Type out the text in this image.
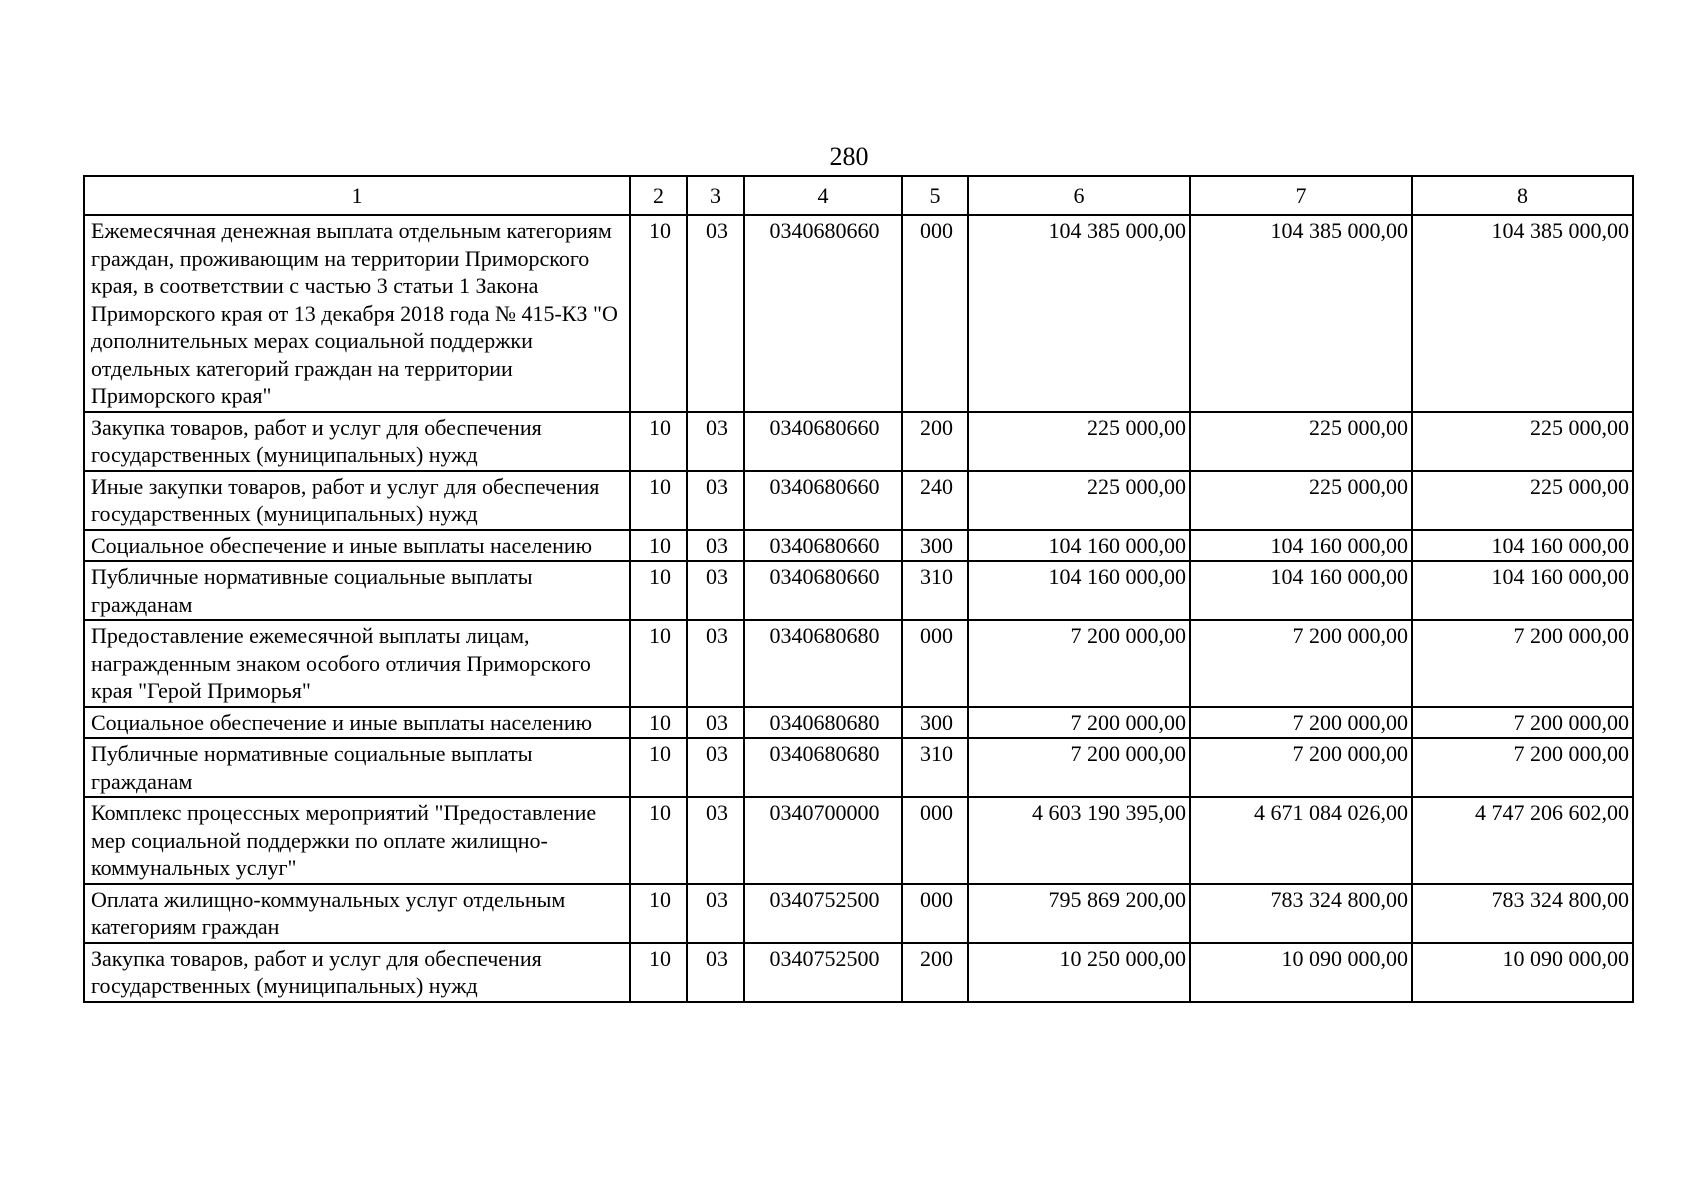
280
1	2	3	4	5	6	7	8
Ежемесячная денежная выплата отдельным категориям граждан, проживающим на территории Приморского края, в соответствии с частью 3 статьи 1 Закона Приморского края от 13 декабря 2018 года № 415-КЗ "О дополнительных мерах социальной поддержки отдельных категорий граждан на территории Приморского края"	10	03	0340680660	000	104 385 000,00	104 385 000,00	104 385 000,00
Закупка товаров, работ и услуг для обеспечения государственных (муниципальных) нужд	10	03	0340680660	200	225 000,00	225 000,00	225 000,00
Иные закупки товаров, работ и услуг для обеспечения государственных (муниципальных) нужд	10	03	0340680660	240	225 000,00	225 000,00	225 000,00
Социальное обеспечение и иные выплаты населению	10	03	0340680660	300	104 160 000,00	104 160 000,00	104 160 000,00
Публичные нормативные социальные выплаты гражданам	10	03	0340680660	310	104 160 000,00	104 160 000,00	104 160 000,00
Предоставление ежемесячной выплаты лицам, награжденным знаком особого отличия Приморского края "Герой Приморья"	10	03	0340680680	000	7 200 000,00	7 200 000,00	7 200 000,00
Социальное обеспечение и иные выплаты населению	10	03	0340680680	300	7 200 000,00	7 200 000,00	7 200 000,00
Публичные нормативные социальные выплаты гражданам	10	03	0340680680	310	7 200 000,00	7 200 000,00	7 200 000,00
Комплекс процессных мероприятий "Предоставление мер социальной поддержки по оплате жилищно-коммунальных услуг"	10	03	0340700000	000	4 603 190 395,00	4 671 084 026,00	4 747 206 602,00
Оплата жилищно-коммунальных услуг отдельным категориям граждан	10	03	0340752500	000	795 869 200,00	783 324 800,00	783 324 800,00
Закупка товаров, работ и услуг для обеспечения государственных (муниципальных) нужд	10	03	0340752500	200	10 250 000,00	10 090 000,00	10 090 000,00
